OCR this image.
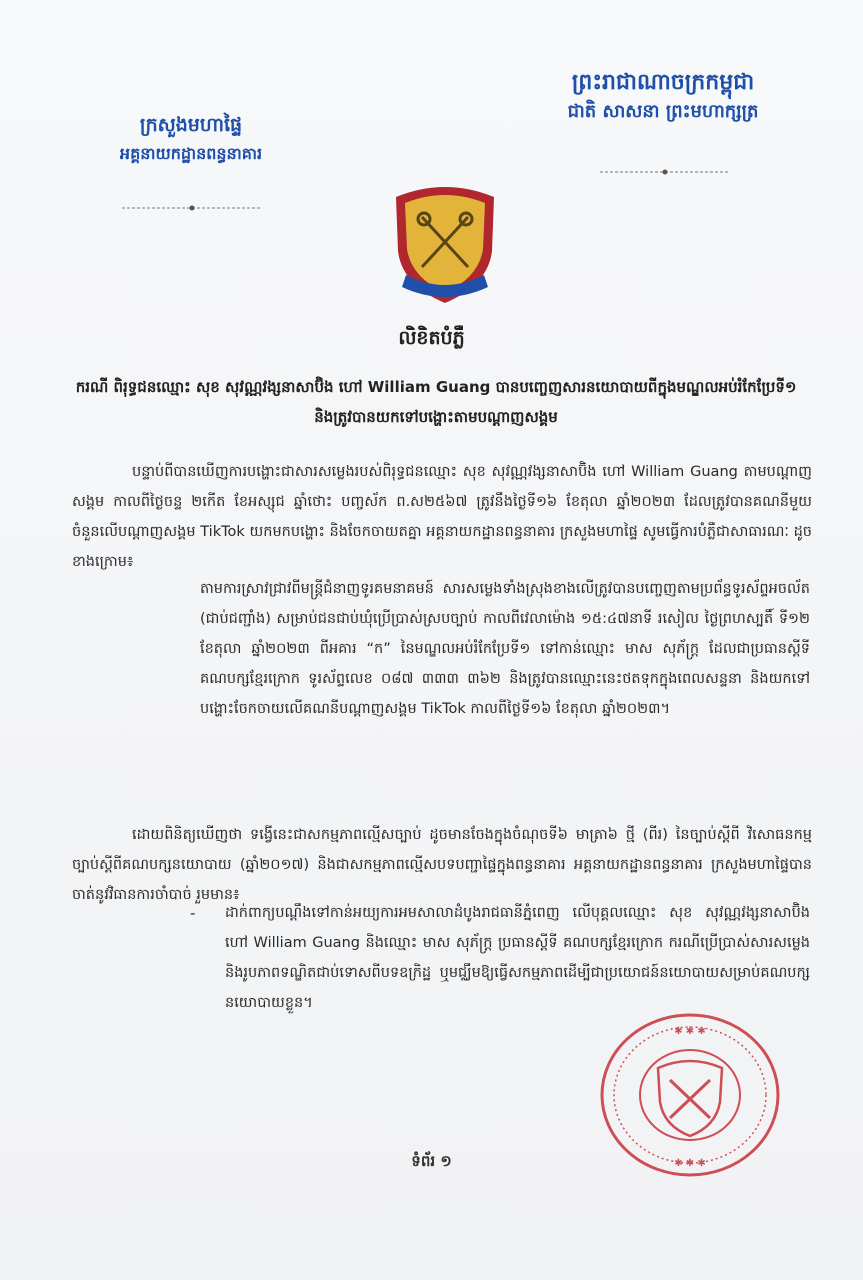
ព្រះរាជាណាចក្រកម្ពុជា
ជាតិ សាសនា ព្រះមហាក្សត្រ
ក្រសួងមហាផ្ទៃ
អគ្គនាយកដ្ឋានពន្ធនាគារ
លិខិតបំភ្លឺ
ករណី ពិរុទ្ធជនឈ្មោះ សុខ សុវណ្ណវង្សនាសាប៊ិង ហៅ William Guang បានបញ្ចេញសារនយោបាយពីក្នុងមណ្ឌលអប់រំកែប្រែទី១ និងត្រូវបានយកទៅបង្ហោះតាមបណ្ដាញសង្គម
បន្ទាប់ពីបានឃើញការបង្ហោះជាសារសម្លេងរបស់ពិរុទ្ធជនឈ្មោះ សុខ សុវណ្ណវង្សនាសាប៊ិង ហៅ William Guang តាមបណ្ដាញសង្គម កាលពីថ្ងៃចន្ទ ២កើត ខែអស្សុជ ឆ្នាំថោះ បញ្ចស័ក ព.ស២៥៦៧ ត្រូវនឹងថ្ងៃទី១៦ ខែតុលា ឆ្នាំ២០២៣ ដែលត្រូវបានគណនីមួយចំនួនលើបណ្ដាញសង្គម TikTok យកមកបង្ហោះ និងចែកចាយតគ្នា អគ្គនាយកដ្ឋានពន្ធនាគារ ក្រសួងមហាផ្ទៃ សូមធ្វើការបំភ្លឺជាសាធារណៈ ដូចខាងក្រោម៖
តាមការស្រាវជ្រាវពីមន្ត្រីជំនាញទូរគមនាគមន៍ សារសម្លេងទាំងស្រុងខាងលើត្រូវបានបញ្ចេញតាមប្រព័ន្ធទូរស័ព្ទអចល័ត (ជាប់ជញ្ជាំង) សម្រាប់ជនជាប់ឃុំប្រើប្រាស់ស្របច្បាប់ កាលពីវេលាម៉ោង ១៥:៤៧នាទី រសៀល ថ្ងៃព្រហស្បតិ៍ ទី១២ ខែតុលា ឆ្នាំ២០២៣ ពីអគារ “ក” នៃមណ្ឌលអប់រំកែប្រែទី១ ទៅកាន់ឈ្មោះ មាស សុភ័ក្រ្ត ដែលជាប្រធានស្ដីទី គណបក្សខ្មែរក្រោក ទូរស័ព្ទលេខ ០៨៧ ៣៣៣ ៣៦២ និងត្រូវបានឈ្មោះនេះថតទុកក្នុងពេលសន្ទនា និងយកទៅបង្ហោះចែកចាយលើគណនីបណ្ដាញសង្គម TikTok កាលពីថ្ងៃទី១៦ ខែតុលា ឆ្នាំ២០២៣។
ដោយពិនិត្យឃើញថា ទង្វើនេះជាសកម្មភាពល្មើសច្បាប់ ដូចមានចែងក្នុងចំណុចទី៦ មាត្រា៦ ថ្មី (ពីរ) នៃច្បាប់ស្ដីពី វិសោធនកម្មច្បាប់ស្ដីពីគណបក្សនយោបាយ (ឆ្នាំ២០១៧) និងជាសកម្មភាពល្មើសបទបញ្ជាផ្ទៃក្នុងពន្ធនាគារ អគ្គនាយកដ្ឋានពន្ធនាគារ ក្រសួងមហាផ្ទៃបានចាត់នូវវិធានការចាំបាច់ រួមមាន៖
- ដាក់ពាក្យបណ្ដឹងទៅកាន់អយ្យការអមសាលាដំបូងរាជធានីភ្នំពេញ លើបុគ្គលឈ្មោះ សុខ សុវណ្ណវង្សនាសាប៊ិង ហៅ William Guang និងឈ្មោះ មាស សុភ័ក្រ្ត ប្រធានស្ដីទី គណបក្សខ្មែរក្រោក ករណីប្រើប្រាស់សារសម្លេង និងរូបភាពទណ្ឌិតជាប់ទោសពីបទឧក្រិដ្ឋ ឬមជ្ឈឹមឱ្យធ្វើសកម្មភាពដើម្បីជាប្រយោជន៍នយោបាយសម្រាប់គណបក្សនយោបាយខ្លួន។
✱ ✱ ✱
✱ ✱ ✱
ទំព័រ ១
